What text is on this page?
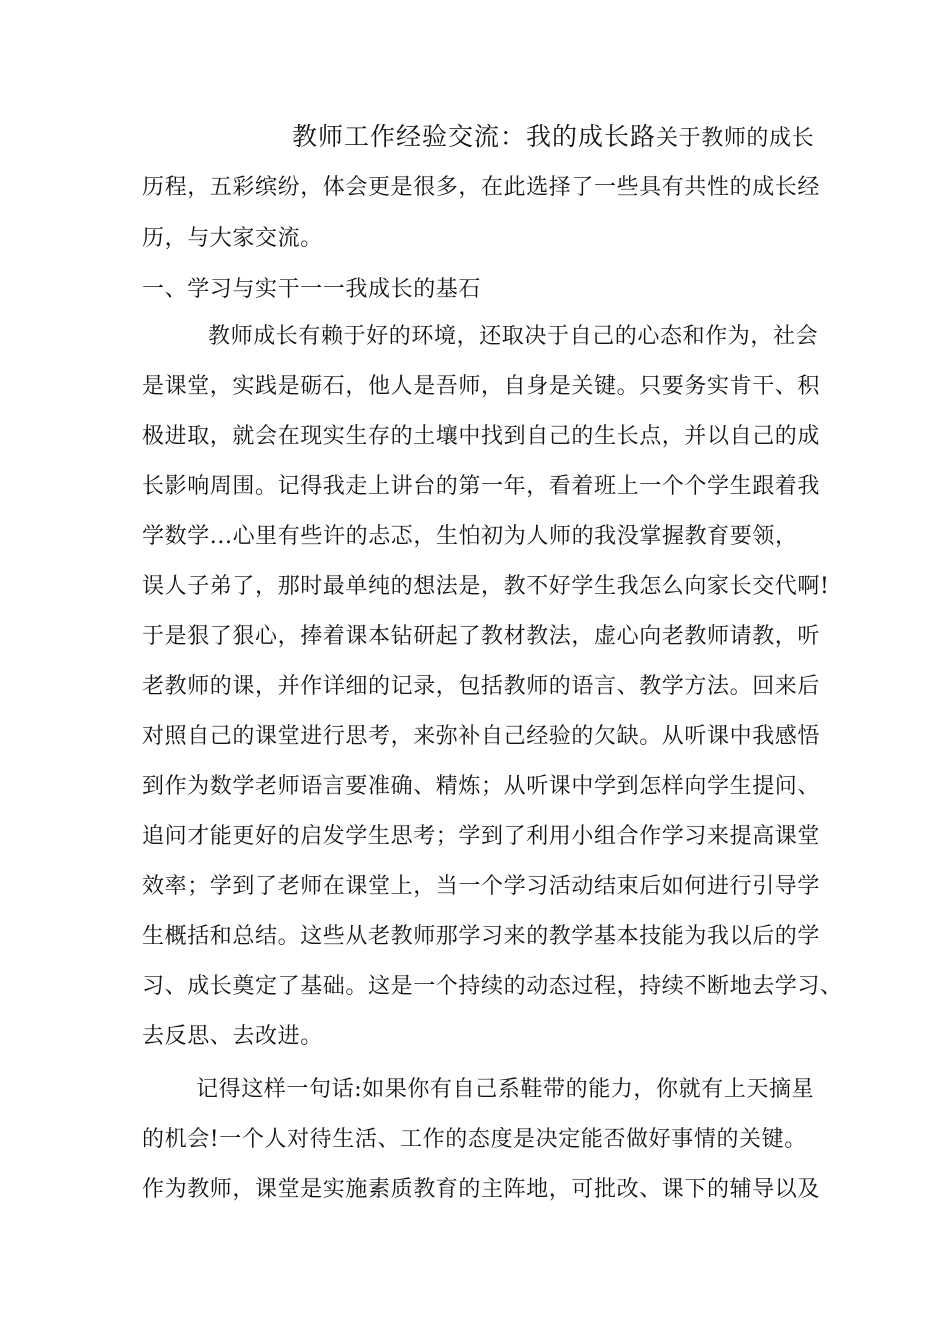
教师工作经验交流：我的成长路关于教师的成长
历程，五彩缤纷，体会更是很多，在此选择了一些具有共性的成长经
历，与大家交流。
一、学习与实干一一我成长的基石
教师成长有赖于好的环境，还取决于自己的心态和作为，社会
是课堂，实践是砺石，他人是吾师，自身是关键。只要务实肯干、积
极进取，就会在现实生存的土壤中找到自己的生长点，并以自己的成
长影响周围。记得我走上讲台的第一年，看着班上一个个学生跟着我
学数学...心里有些许的忐忑，生怕初为人师的我没掌握教育要领，
误人子弟了，那时最单纯的想法是，教不好学生我怎么向家长交代啊!
于是狠了狠心，捧着课本钻研起了教材教法，虚心向老教师请教，听
老教师的课，并作详细的记录，包括教师的语言、教学方法。回来后
对照自己的课堂进行思考，来弥补自己经验的欠缺。从听课中我感悟
到作为数学老师语言要准确、精炼；从听课中学到怎样向学生提问、
追问才能更好的启发学生思考；学到了利用小组合作学习来提高课堂
效率；学到了老师在课堂上，当一个学习活动结束后如何进行引导学
生概括和总结。这些从老教师那学习来的教学基本技能为我以后的学
习、成长奠定了基础。这是一个持续的动态过程，持续不断地去学习、
去反思、去改进。
记得这样一句话:如果你有自己系鞋带的能力，你就有上天摘星
的机会!一个人对待生活、工作的态度是决定能否做好事情的关键。
作为教师，课堂是实施素质教育的主阵地，可批改、课下的辅导以及
